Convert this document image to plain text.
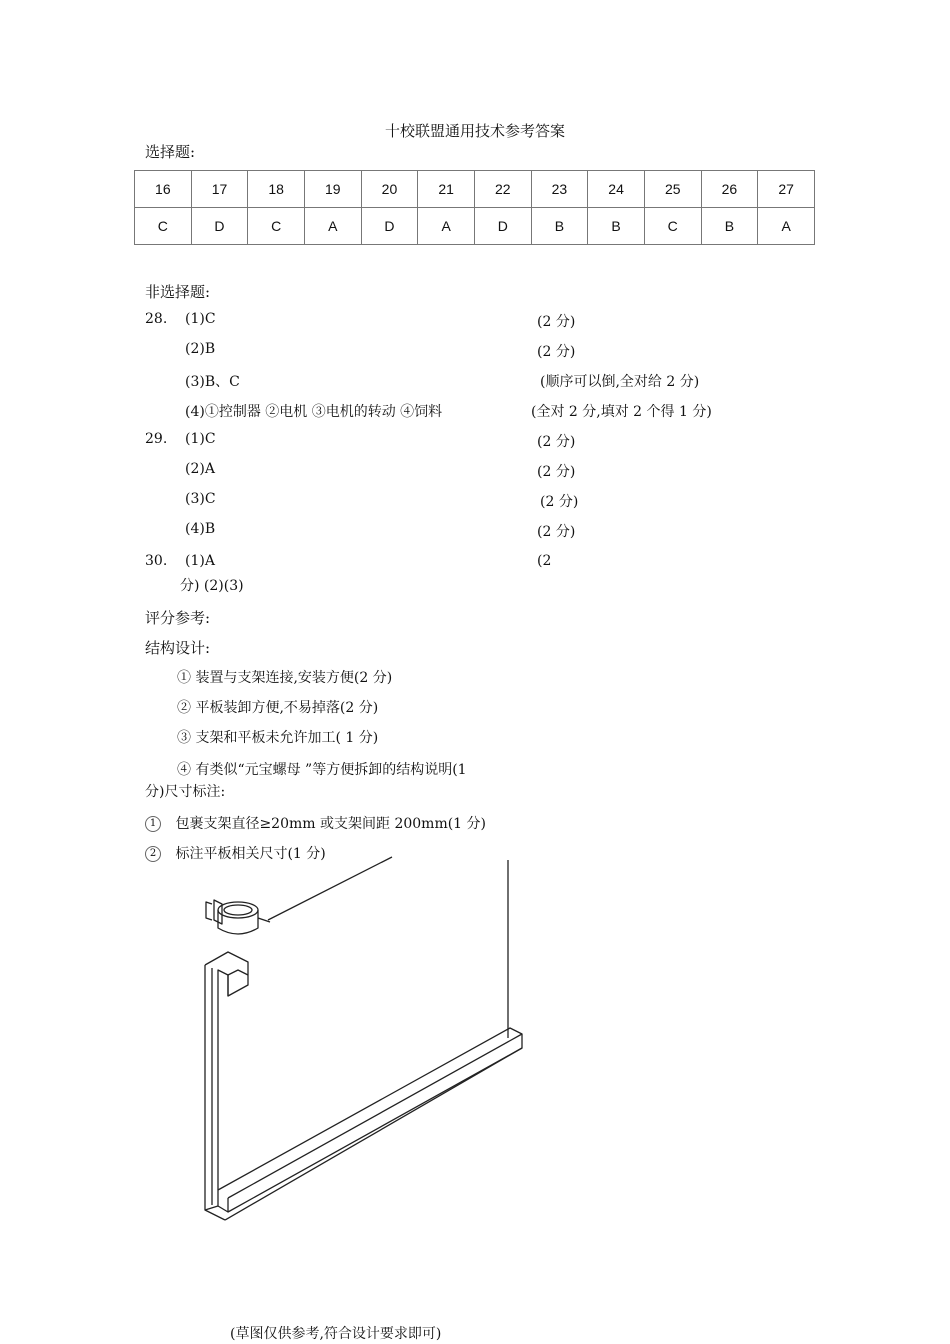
十校联盟通用技术参考答案
选择题:
16	17	18	19	20	21	22	23	24	25	26	27
C	D	C	A	D	A	D	B	B	C	B	A
非选择题:
28. (1)C	(2 分)
(2)B	(2 分)
(3)B、C	(顺序可以倒,全对给 2 分)
(4)①控制器 ②电机 ③电机的转动 ④饲料	(全对 2 分,填对 2 个得 1 分)
29. (1)C	(2 分)
(2)A	(2 分)
(3)C	(2 分)
(4)B	(2 分)
30. (1)A	(2
分) (2)(3)
评分参考:
结构设计:
① 装置与支架连接,安装方便(2 分)
② 平板装卸方便,不易掉落(2 分)
③ 支架和平板未允许加工( 1 分)
④ 有类似“元宝螺母 ”等方便拆卸的结构说明(1
分)尺寸标注:
1 包裹支架直径≥20mm 或支架间距 200mm(1 分)
2 标注平板相关尺寸(1 分)
(草图仅供参考,符合设计要求即可)
